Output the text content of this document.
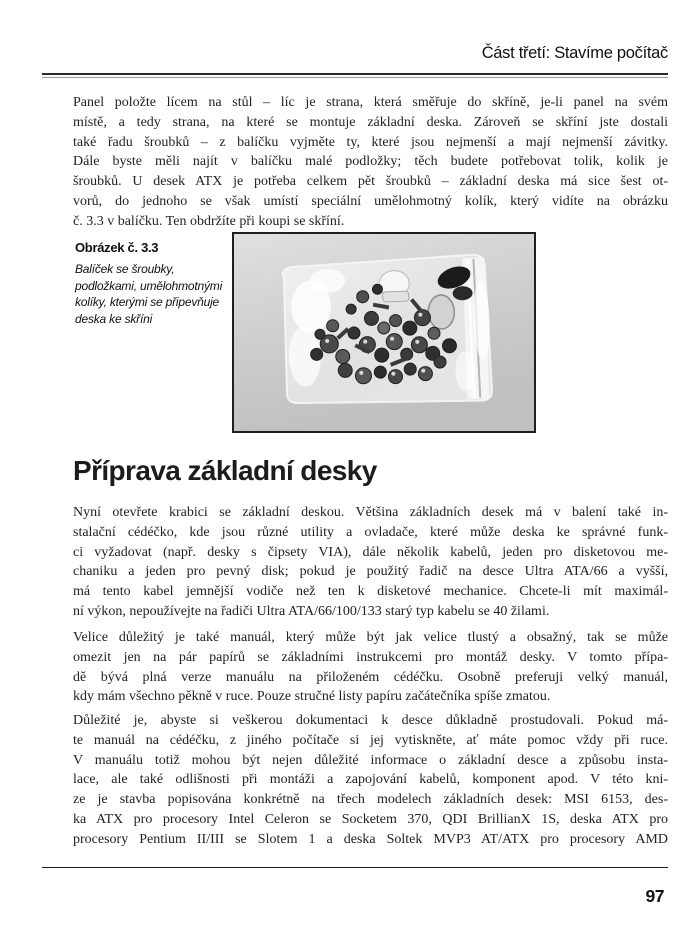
Část třetí: Stavíme počítač
Panel položte lícem na stůl – líc je strana, která směřuje do skříně, je-li panel na svém
místě, a tedy strana, na které se montuje základní deska. Zároveň se skříní jste dostali
také řadu šroubků – z balíčku vyjměte ty, které jsou nejmenší a mají nejmenší závitky.
Dále byste měli najít v balíčku malé podložky; těch budete potřebovat tolik, kolik je
šroubků. U desek ATX je potřeba celkem pět šroubků – základní deska má sice šest ot-
vorů, do jednoho se však umístí speciální umělohmotný kolík, který vidíte na obrázku
č. 3.3 v balíčku. Ten obdržíte při koupi se skříní.
Obrázek č. 3.3
Balíček se šroubky, podložkami, umělohmotnými kolíky, kterými se připevňuje deska ke skříni
Příprava základní desky
Nyní otevřete krabici se základní deskou. Většina základních desek má v balení také in-
stalační cédéčko, kde jsou různé utility a ovladače, které může deska ke správné funk-
ci vyžadovat (např. desky s čipsety VIA), dále několik kabelů, jeden pro disketovou me-
chaniku a jeden pro pevný disk; pokud je použitý řadič na desce Ultra ATA/66 a vyšší,
má tento kabel jemnější vodiče než ten k disketové mechanice. Chcete-li mít maximál-
ní výkon, nepoužívejte na řadiči Ultra ATA/66/100/133 starý typ kabelu se 40 žilami.
Velice důležitý je také manuál, který může být jak velice tlustý a obsažný, tak se může
omezit jen na pár papírů se základními instrukcemi pro montáž desky. V tomto přípa-
dě bývá plná verze manuálu na přiloženém cédéčku. Osobně preferuji velký manuál,
kdy mám všechno pěkně v ruce. Pouze stručné listy papíru začátečníka spíše zmatou.
Důležité je, abyste si veškerou dokumentaci k desce důkladně prostudovali. Pokud má-
te manuál na cédéčku, z jiného počítače si jej vytiskněte, ať máte pomoc vždy při ruce.
V manuálu totiž mohou být nejen důležité informace o základní desce a způsobu insta-
lace, ale také odlišnosti při montáži a zapojování kabelů, komponent apod. V této kni-
ze je stavba popisována konkrétně na třech modelech základních desek: MSI 6153, des-
ka ATX pro procesory Intel Celeron se Socketem 370, QDI BrillianX 1S, deska ATX pro
procesory Pentium II/III se Slotem 1 a deska Soltek MVP3 AT/ATX pro procesory AMD
97
